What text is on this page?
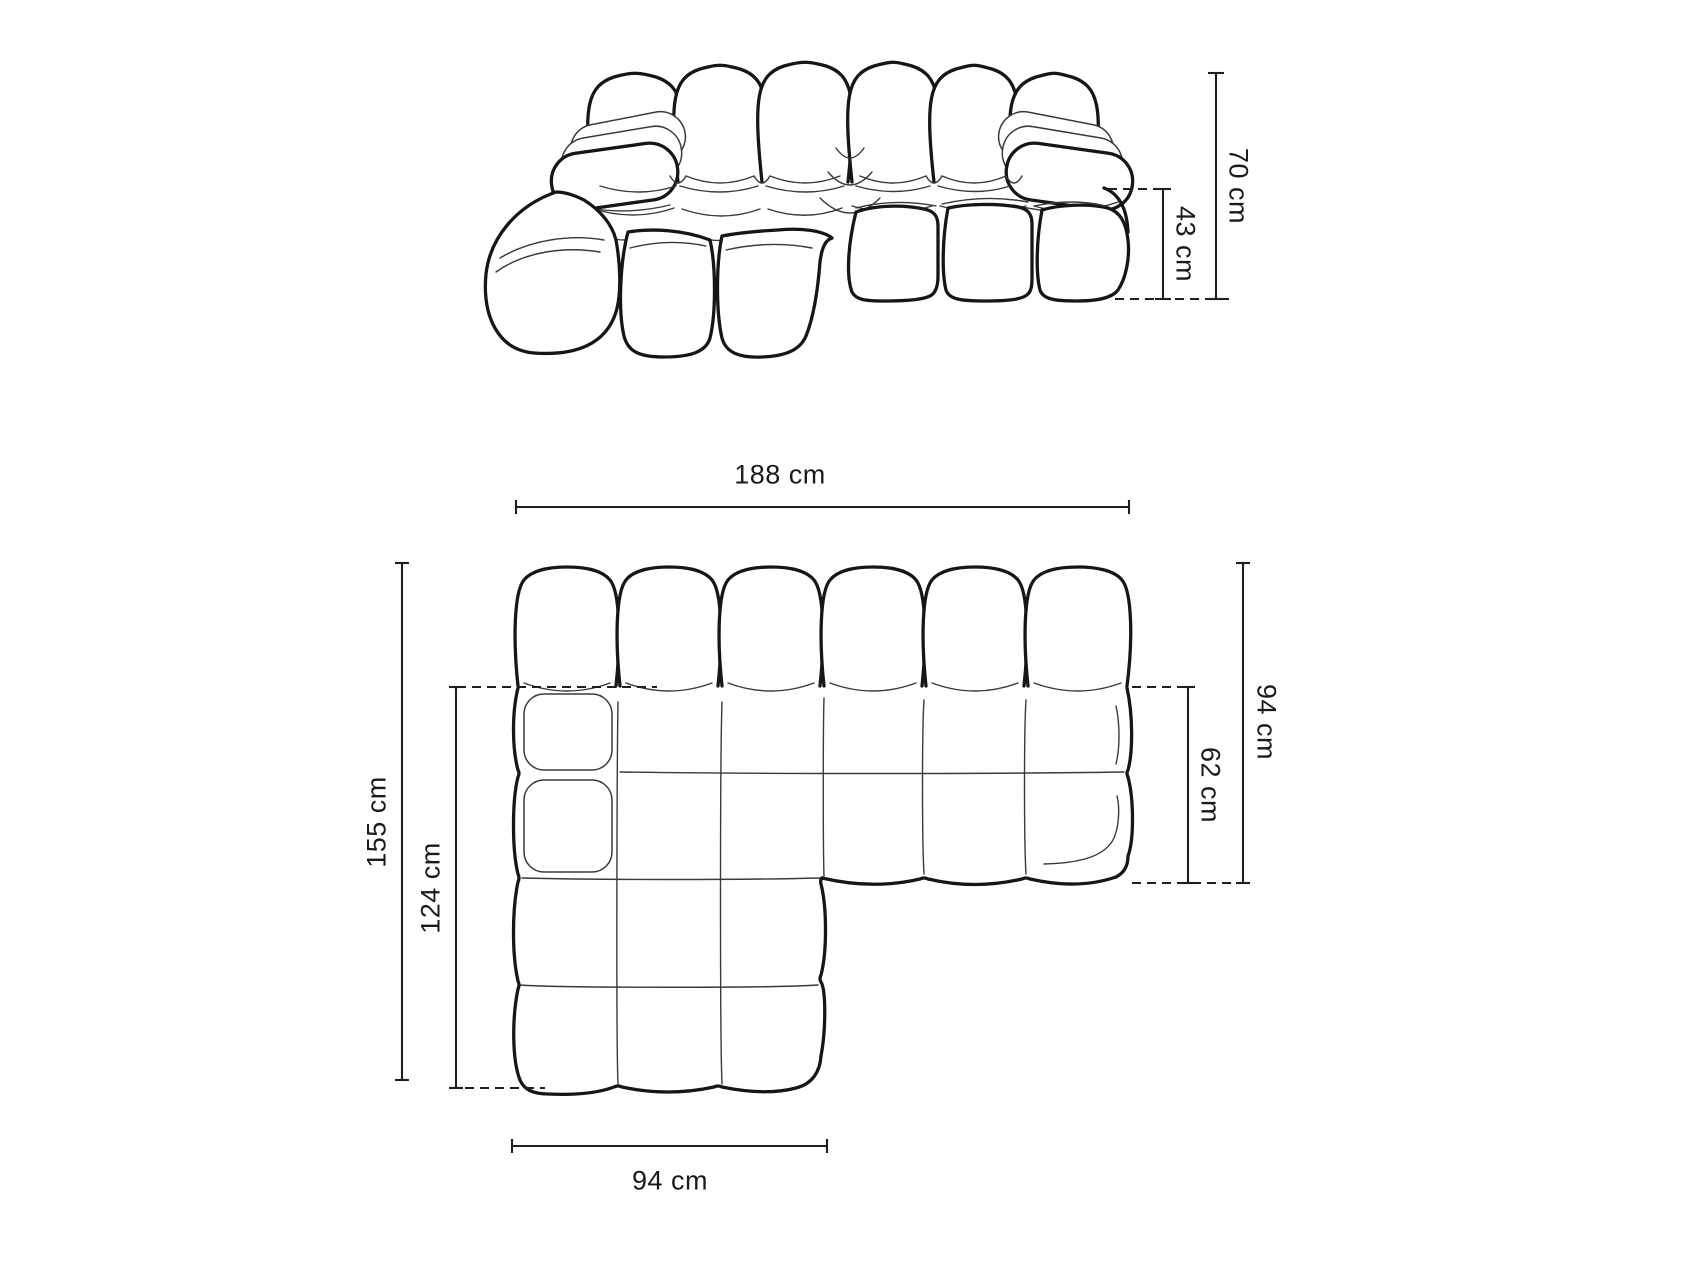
43 cm
70 cm
188 cm
155 cm
124 cm
94 cm
62 cm
94 cm
